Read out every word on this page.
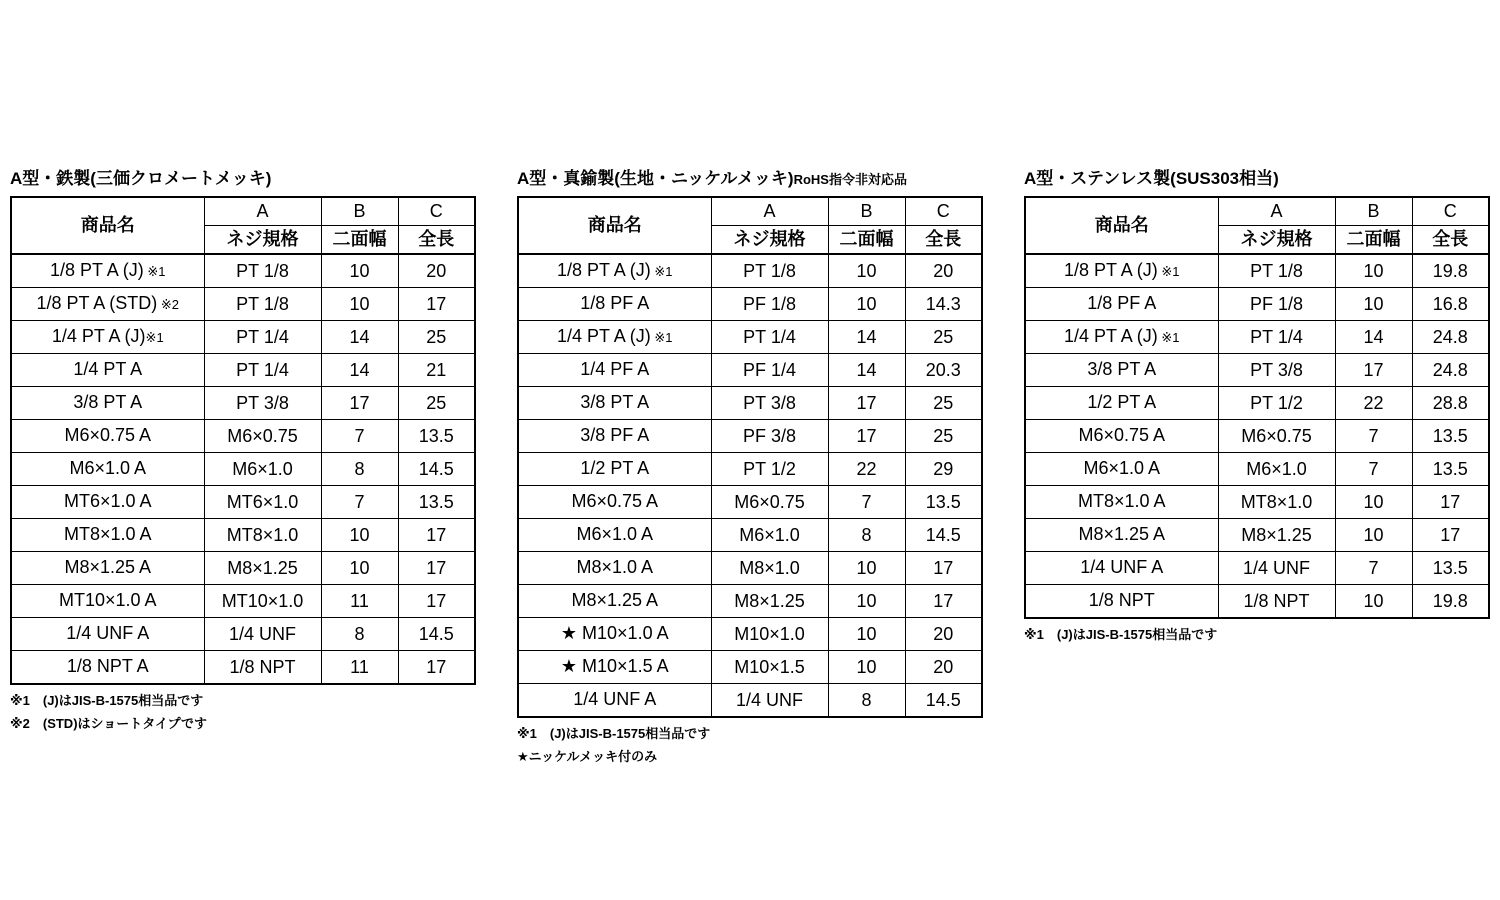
A型・鉄製(三価クロメートメッキ)
商品名	A	B	C
	ネジ規格	二面幅	全長
1/8 PT A (J) ※1	PT 1/8	10	20
1/8 PT A (STD) ※2	PT 1/8	10	17
1/4 PT A (J)※1	PT 1/4	14	25
1/4 PT A	PT 1/4	14	21
3/8 PT A	PT 3/8	17	25
M6×0.75 A	M6×0.75	7	13.5
M6×1.0 A	M6×1.0	8	14.5
MT6×1.0 A	MT6×1.0	7	13.5
MT8×1.0 A	MT8×1.0	10	17
M8×1.25 A	M8×1.25	10	17
MT10×1.0 A	MT10×1.0	11	17
1/4 UNF A	1/4 UNF	8	14.5
1/8 NPT A	1/8 NPT	11	17
※1　(J)はJIS-B-1575相当品です
※2　(STD)はショートタイプです
A型・真鍮製(生地・ニッケルメッキ)RoHS指令非対応品
商品名	A	B	C
	ネジ規格	二面幅	全長
1/8 PT A (J) ※1	PT 1/8	10	20
1/8 PF A	PF 1/8	10	14.3
1/4 PT A (J) ※1	PT 1/4	14	25
1/4 PF A	PF 1/4	14	20.3
3/8 PT A	PT 3/8	17	25
3/8 PF A	PF 3/8	17	25
1/2 PT A	PT 1/2	22	29
M6×0.75 A	M6×0.75	7	13.5
M6×1.0 A	M6×1.0	8	14.5
M8×1.0 A	M8×1.0	10	17
M8×1.25 A	M8×1.25	10	17
★ M10×1.0 A	M10×1.0	10	20
★ M10×1.5 A	M10×1.5	10	20
1/4 UNF A	1/4 UNF	8	14.5
※1　(J)はJIS-B-1575相当品です
★ニッケルメッキ付のみ
A型・ステンレス製(SUS303相当)
商品名	A	B	C
	ネジ規格	二面幅	全長
1/8 PT A (J) ※1	PT 1/8	10	19.8
1/8 PF A	PF 1/8	10	16.8
1/4 PT A (J) ※1	PT 1/4	14	24.8
3/8 PT A	PT 3/8	17	24.8
1/2 PT A	PT 1/2	22	28.8
M6×0.75 A	M6×0.75	7	13.5
M6×1.0 A	M6×1.0	7	13.5
MT8×1.0 A	MT8×1.0	10	17
M8×1.25 A	M8×1.25	10	17
1/4 UNF A	1/4 UNF	7	13.5
1/8 NPT	1/8 NPT	10	19.8
※1　(J)はJIS-B-1575相当品です
